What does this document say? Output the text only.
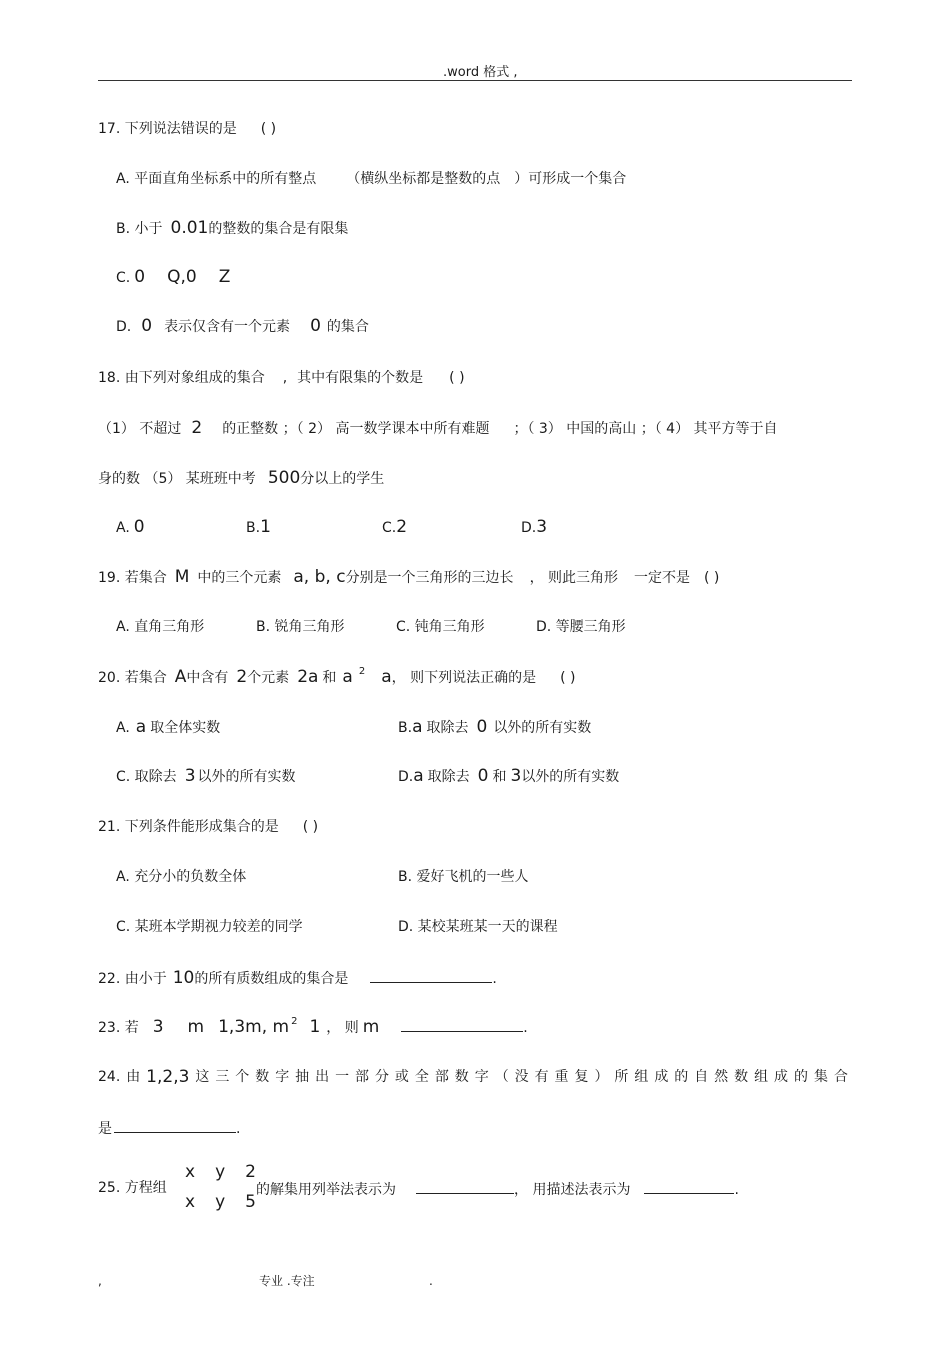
.word 格式 ,
17. 下列说法错误的是 ( )
A. 平面直角坐标系中的所有整点 （横纵坐标都是整数的点 ）可形成一个集合
B. 小于 0.01的整数的集合是有限集
C. 0 Q,0 Z
D. 0 表示仅含有一个元素 0 的集合
18. 由下列对象组成的集合 , 其中有限集的个数是 ( )
（1） 不超过 2 的正整数 ；（ 2） 高一数学课本中所有难题 ；（ 3） 中国的高山 ；（ 4） 其平方等于自
身的数 （5） 某班班中考 500分以上的学生
A. 0	B.1	C.2	D.3
19. 若集合 M 中的三个元素 a, b, c分别是一个三角形的三边长 ， 则此三角形 一定不是 ( )
A. 直角三角形	B. 锐角三角形	C. 钝角三角形	D. 等腰三角形
20. 若集合 A中含有 2个元素 2a 和 a $^2$ a， 则下列说法正确的是 ( )
A. a 取全体实数	B.a 取除去 0 以外的所有实数
C. 取除去 3 以外的所有实数	D.a 取除去 0 和 3以外的所有实数
21. 下列条件能形成集合的是 ( )
A. 充分小的负数全体	B. 爱好飞机的一些人
C. 某班本学期视力较差的同学	D. 某校某班某一天的课程
22. 由小于 10的所有质数组成的集合是	.
23. 若 3 m 1,3m, m $^2$ 1 ， 则 m	.
24. 由 1,2,3 这 三 个 数 字 抽 出 一 部 分 或 全 部 数 字 （ 没 有 重 复 ） 所 组 成 的 自 然 数 组 成 的 集 合
是	.
25. 方程组
x y 2
x y 5
的解集用列举法表示为	， 用描述法表示为	.
,	专业 .专注	.
